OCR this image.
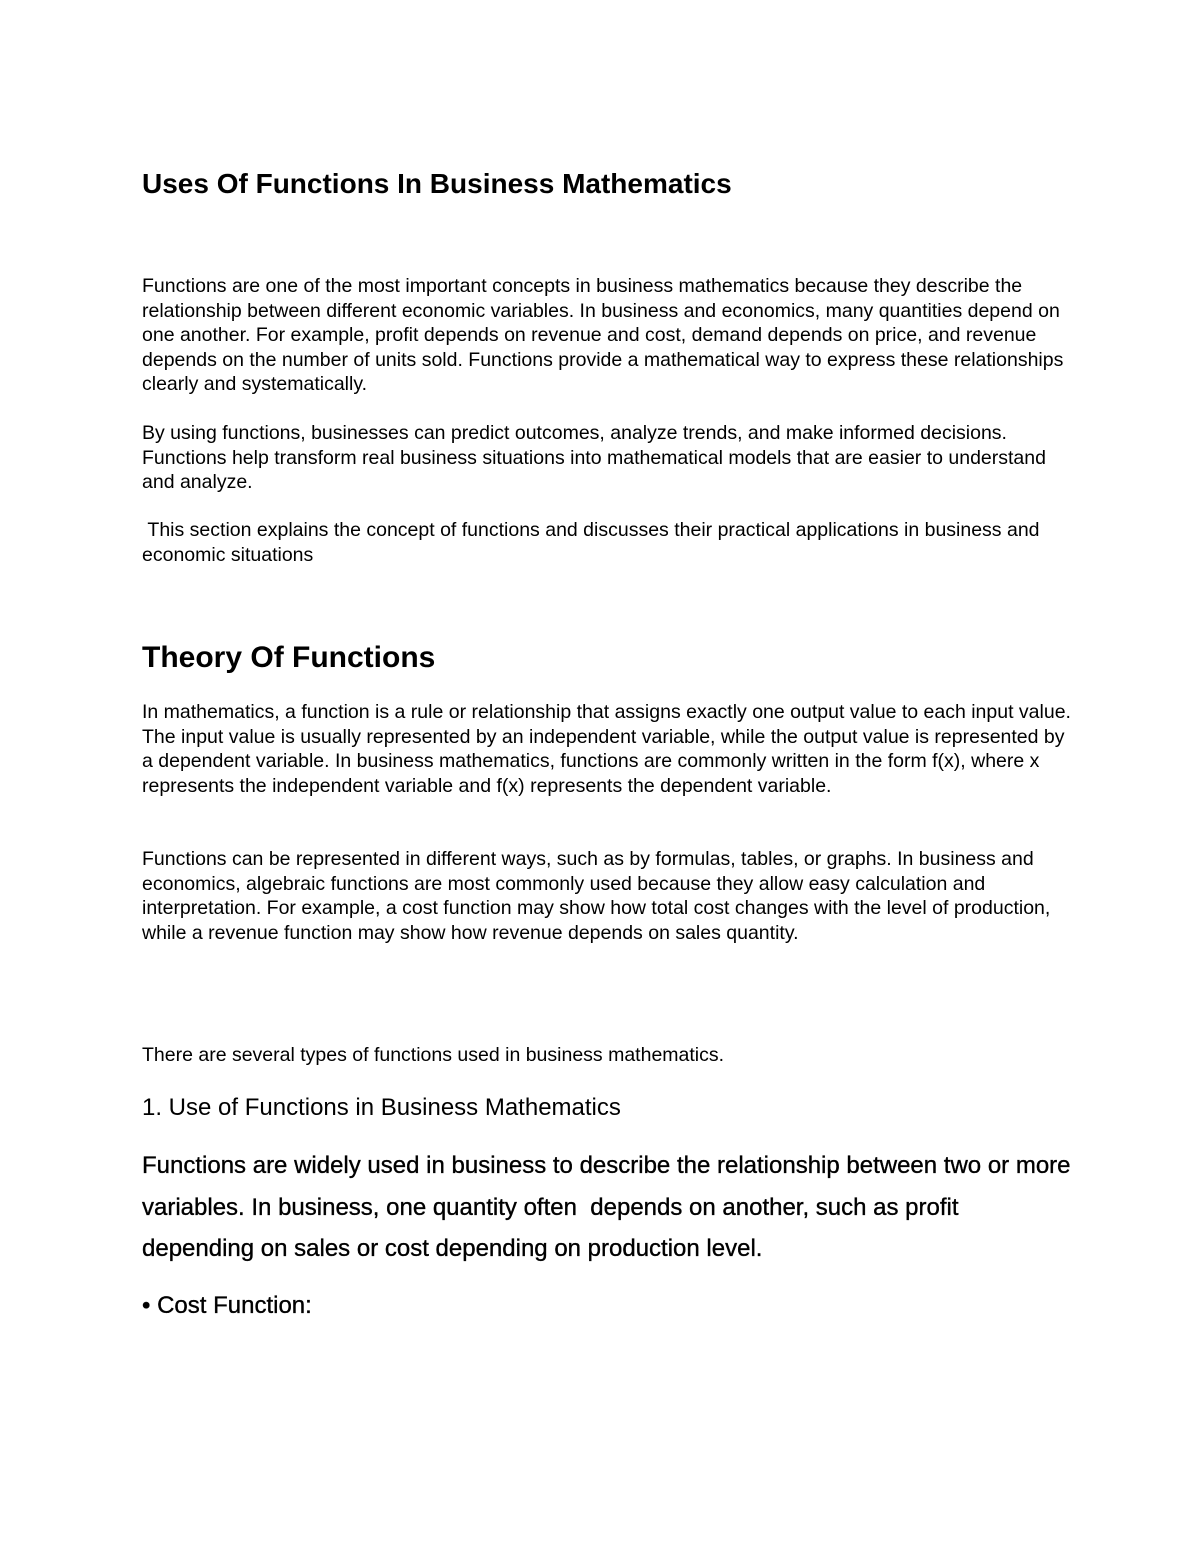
Uses Of Functions In Business Mathematics

Functions are one of the most important concepts in business mathematics because they describe the relationship between different economic variables. In business and economics, many quantities depend on one another. For example, profit depends on revenue and cost, demand depends on price, and revenue depends on the number of units sold. Functions provide a mathematical way to express these relationships clearly and systematically.

By using functions, businesses can predict outcomes, analyze trends, and make informed decisions. Functions help transform real business situations into mathematical models that are easier to understand and analyze.

This section explains the concept of functions and discusses their practical applications in business and economic situations

Theory Of Functions

In mathematics, a function is a rule or relationship that assigns exactly one output value to each input value. The input value is usually represented by an independent variable, while the output value is represented by a dependent variable. In business mathematics, functions are commonly written in the form f(x), where x represents the independent variable and f(x) represents the dependent variable.

Functions can be represented in different ways, such as by formulas, tables, or graphs. In business and economics, algebraic functions are most commonly used because they allow easy calculation and interpretation. For example, a cost function may show how total cost changes with the level of production, while a revenue function may show how revenue depends on sales quantity.

There are several types of functions used in business mathematics.

1. Use of Functions in Business Mathematics

Functions are widely used in business to describe the relationship between two or more variables. In business, one quantity often  depends on another, such as profit depending on sales or cost depending on production level.

• Cost Function:
